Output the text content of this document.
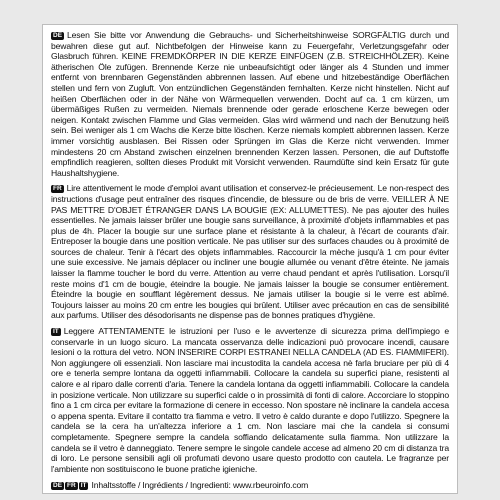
DE Lesen Sie bitte vor Anwendung die Gebrauchs- und Sicherheitshinweise SORGFÄLTIG durch und bewahren diese gut auf. Nichtbefolgen der Hinweise kann zu Feuergefahr, Verletzungsgefahr oder Glasbruch führen. KEINE FREMDKÖRPER IN DIE KERZE EINFÜGEN (Z.B. STREICHHÖLZER). Keine ätherischen Öle zufügen. Brennende Kerze nie unbeaufsichtigt oder länger als 4 Stunden und immer entfernt von brennbaren Gegenständen abbrennen lassen. Auf ebene und hitzebeständige Oberflächen stellen und fern von Zugluft. Von entzündlichen Gegenständen fernhalten. Kerze nicht hinstellen. Nicht auf heißen Oberflächen oder in der Nähe von Wärmequellen verwenden. Docht auf ca. 1 cm kürzen, um übermäßiges Rußen zu vermeiden. Niemals brennende oder gerade erloschene Kerze bewegen oder neigen. Kontakt zwischen Flamme und Glas vermeiden. Glas wird wärmend und nach der Benutzung heiß sein. Bei weniger als 1 cm Wachs die Kerze bitte löschen. Kerze niemals komplett abbrennen lassen. Kerze immer vorsichtig ausblasen. Bei Rissen oder Sprüngen im Glas die Kerze nicht verwenden. Immer mindestens 20 cm Abstand zwischen einzelnen brennenden Kerzen lassen. Personen, die auf Duftstoffe empfindlich reagieren, sollten dieses Produkt mit Vorsicht verwenden. Raumdüfte sind kein Ersatz für gute Haushaltshygiene.

FR Lire attentivement le mode d'emploi avant utilisation et conservez-le précieusement. Le non-respect des instructions d'usage peut entraîner des risques d'incendie, de blessure ou de bris de verre. VEILLER À NE PAS METTRE D'OBJET ÉTRANGER DANS LA BOUGIE (EX: ALLUMETTES). Ne pas ajouter des huiles essentielles. Ne jamais laisser brûler une bougie sans surveillance, à proximité d'objets inflammables et pas plus de 4h. Placer la bougie sur une surface plane et résistante à la chaleur, à l'écart de courants d'air. Entreposer la bougie dans une position verticale. Ne pas utiliser sur des surfaces chaudes ou à proximité de sources de chaleur. Tenir à l'écart des objets inflammables. Raccourcir la mèche jusqu'à 1 cm pour éviter une suie excessive. Ne jamais déplacer ou incliner une bougie allumée ou venant d'être éteinte. Ne jamais laisser la flamme toucher le bord du verre. Attention au verre chaud pendant et après l'utilisation. Lorsqu'il reste moins d'1 cm de bougie, éteindre la bougie. Ne jamais laisser la bougie se consumer entièrement. Éteindre la bougie en soufflant légèrement dessus. Ne jamais utiliser la bougie si le verre est abîmé. Toujours laisser au moins 20 cm entre les bougies qui brûlent. Utiliser avec précaution en cas de sensibilité aux parfums. Utiliser des désodorisants ne dispense pas de bonnes pratiques d'hygiène.

IT Leggere ATTENTAMENTE le istruzioni per l'uso e le avvertenze di sicurezza prima dell'impiego e conservarle in un luogo sicuro. La mancata osservanza delle indicazioni può provocare incendi, causare lesioni o la rottura del vetro. NON INSERIRE CORPI ESTRANEI NELLA CANDELA (AD ES. FIAMMIFERI). Non aggiungere oli essenziali. Non lasciare mai incustodita la candela accesa nè farla bruciare per più di 4 ore e tenerla sempre lontana da oggetti infiammabili. Collocare la candela su superfici piane, resistenti al calore e al riparo dalle correnti d'aria. Tenere la candela lontana da oggetti infiammabili. Collocare la candela in posizione verticale. Non utilizzare su superfici calde o in prossimità di fonti di calore. Accorciare lo stoppino fino a 1 cm circa per evitare la formazione di cenere in eccesso. Non spostare nè inclinare la candela accesa o appena spenta. Evitare il contatto tra fiamma e vetro. Il vetro è caldo durante e dopo l'utilizzo. Spegnere la candela se la cera ha un'altezza inferiore a 1 cm. Non lasciare mai che la candela si consumi completamente. Spegnere sempre la candela soffiando delicatamente sulla fiamma. Non utilizzare la candela se il vetro è danneggiato. Tenere sempre le singole candele accese ad almeno 20 cm di distanza tra di loro. Le persone sensibili agli oli profumati devono usare questo prodotto con cautela. Le fragranze per l'ambiente non sostituiscono le buone pratiche igieniche.

DE FR IT Inhaltsstoffe / Ingrédients / Ingredienti: www.rbeuroinfo.com
